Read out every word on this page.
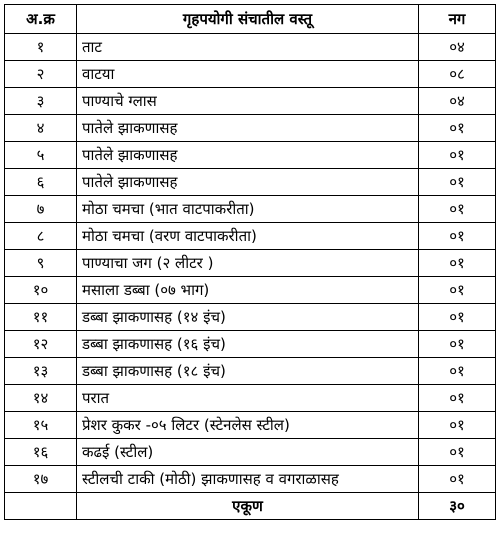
अ.क्र	गृहपयोगी संचातील वस्तू	नग
१	ताट	०४
२	वाटया	०८
३	पाण्याचे ग्लास	०४
४	पातेले झाकणासह	०१
५	पातेले झाकणासह	०१
६	पातेले झाकणासह	०१
७	मोठा चमचा (भात वाटपाकरीता)	०१
८	मोठा चमचा (वरण वाटपाकरीता)	०१
९	पाण्याचा जग (२ लीटर )	०१
१०	मसाला डब्बा (०७ भाग)	०१
११	डब्बा झाकणासह (१४ इंच)	०१
१२	डब्बा झाकणासह (१६ इंच)	०१
१३	डब्बा झाकणासह (१८ इंच)	०१
१४	परात	०१
१५	प्रेशर कुकर -०५ लिटर (स्टेनलेस स्टील)	०१
१६	कढई (स्टील)	०१
१७	स्टीलची टाकी (मोठी) झाकणासह व वगराळासह	०१
	एकूण	३०
